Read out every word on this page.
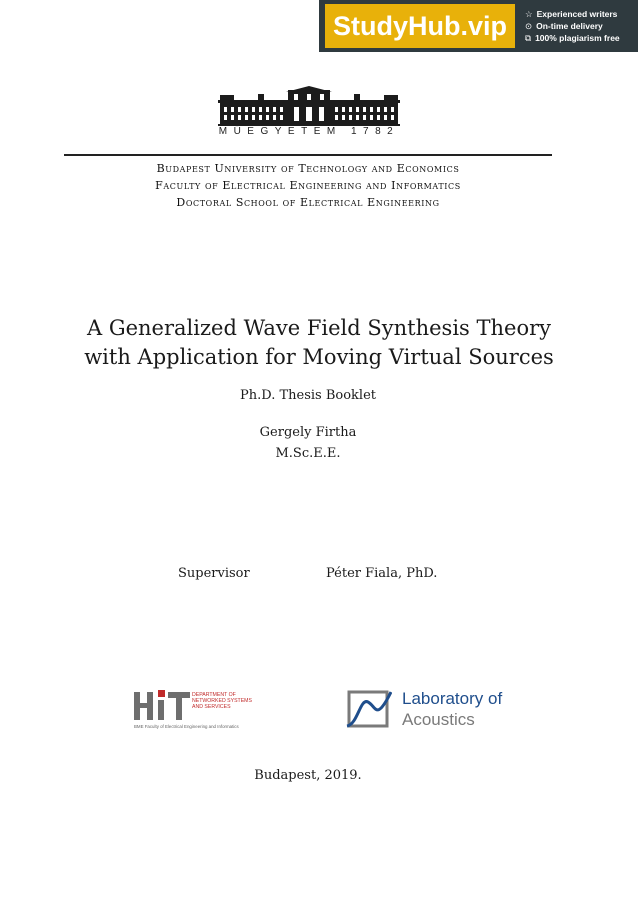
StudyHub.vip	☆ Experienced writers
⊙ On-time delivery
⧉ 100% plagiarism free
MŰEGYETEM 1782
Budapest University of Technology and Economics
Faculty of Electrical Engineering and Informatics
Doctoral School of Electrical Engineering
A Generalized Wave Field Synthesis Theory
with Application for Moving Virtual Sources
Ph.D. Thesis Booklet
Gergely Firtha
M.Sc.E.E.
Supervisor	Péter Fiala, PhD.
DEPARTMENT OF
NETWORKED SYSTEMS
AND SERVICES
BME Faculty of Electrical Engineering and Informatics
Laboratory of
Acoustics
Budapest, 2019.
